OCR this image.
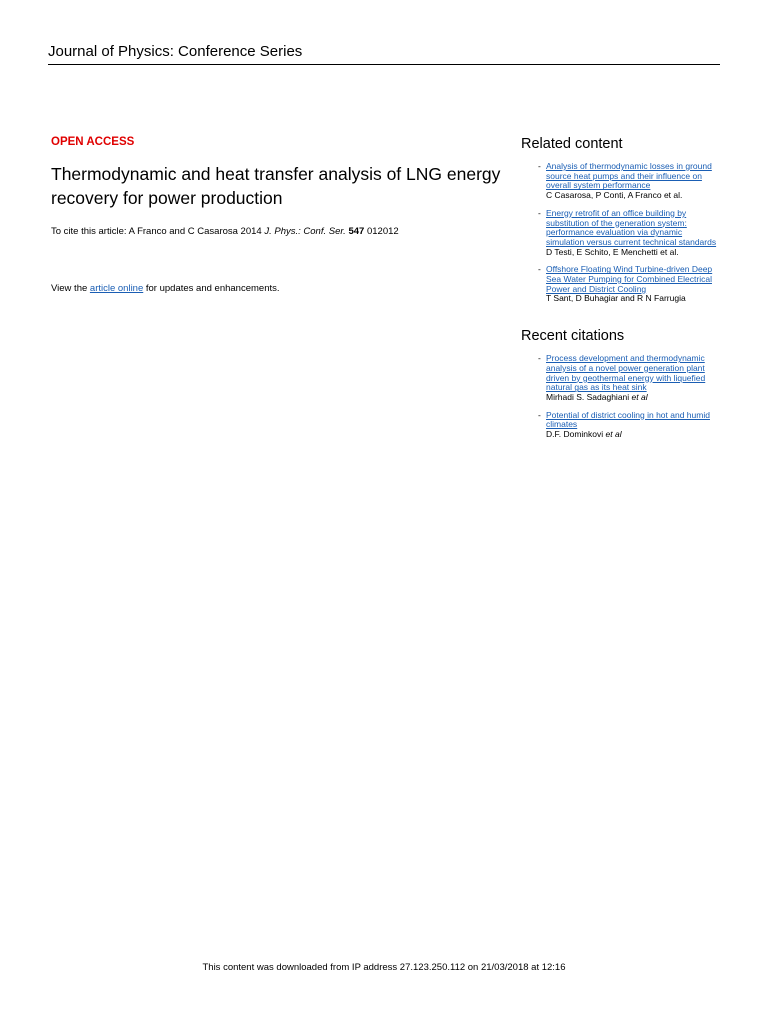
Journal of Physics: Conference Series
OPEN ACCESS
Thermodynamic and heat transfer analysis of LNG energy recovery for power production
To cite this article: A Franco and C Casarosa 2014 J. Phys.: Conf. Ser. 547 012012
View the article online for updates and enhancements.
Related content
- Analysis of thermodynamic losses in ground source heat pumps and their influence on overall system performance
C Casarosa, P Conti, A Franco et al.
- Energy retrofit of an office building by substitution of the generation system: performance evaluation via dynamic simulation versus current technical standards
D Testi, E Schito, E Menchetti et al.
- Offshore Floating Wind Turbine-driven Deep Sea Water Pumping for Combined Electrical Power and District Cooling
T Sant, D Buhagiar and R N Farrugia
Recent citations
- Process development and thermodynamic analysis of a novel power generation plant driven by geothermal energy with liquefied natural gas as its heat sink
Mirhadi S. Sadaghiani et al
- Potential of district cooling in hot and humid climates
D.F. Dominkovi et al
This content was downloaded from IP address 27.123.250.112 on 21/03/2018 at 12:16
